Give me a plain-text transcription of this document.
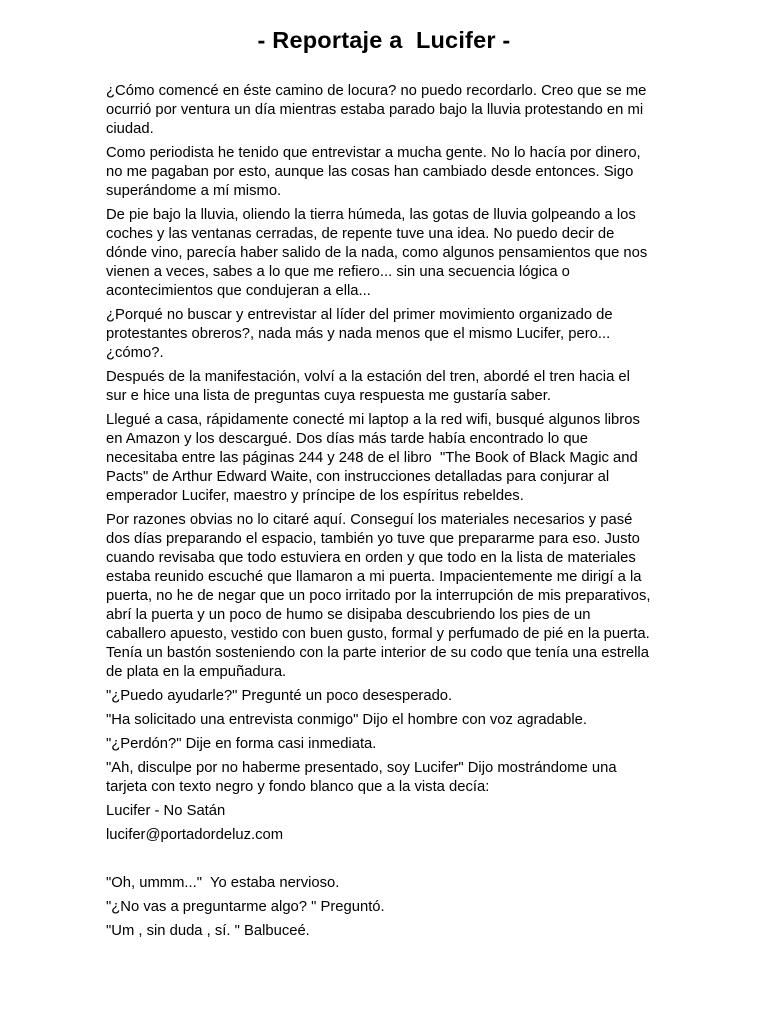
- Reportaje a  Lucifer -

¿Cómo comencé en éste camino de locura? no puedo recordarlo. Creo que se me
ocurrió por ventura un día mientras estaba parado bajo la lluvia protestando en mi
ciudad.

Como periodista he tenido que entrevistar a mucha gente. No lo hacía por dinero,
no me pagaban por esto, aunque las cosas han cambiado desde entonces. Sigo
superándome a mí mismo.

De pie bajo la lluvia, oliendo la tierra húmeda, las gotas de lluvia golpeando a los
coches y las ventanas cerradas, de repente tuve una idea. No puedo decir de
dónde vino, parecía haber salido de la nada, como algunos pensamientos que nos
vienen a veces, sabes a lo que me refiero... sin una secuencia lógica o
acontecimientos que condujeran a ella...

¿Porqué no buscar y entrevistar al líder del primer movimiento organizado de
protestantes obreros?, nada más y nada menos que el mismo Lucifer, pero...
¿cómo?.

Después de la manifestación, volví a la estación del tren, abordé el tren hacia el
sur e hice una lista de preguntas cuya respuesta me gustaría saber.

Llegué a casa, rápidamente conecté mi laptop a la red wifi, busqué algunos libros
en Amazon y los descargué. Dos días más tarde había encontrado lo que
necesitaba entre las páginas 244 y 248 de el libro  "The Book of Black Magic and
Pacts" de Arthur Edward Waite, con instrucciones detalladas para conjurar al
emperador Lucifer, maestro y príncipe de los espíritus rebeldes.

Por razones obvias no lo citaré aquí. Conseguí los materiales necesarios y pasé
dos días preparando el espacio, también yo tuve que prepararme para eso. Justo
cuando revisaba que todo estuviera en orden y que todo en la lista de materiales
estaba reunido escuché que llamaron a mi puerta. Impacientemente me dirigí a la
puerta, no he de negar que un poco irritado por la interrupción de mis preparativos,
abrí la puerta y un poco de humo se disipaba descubriendo los pies de un
caballero apuesto, vestido con buen gusto, formal y perfumado de pié en la puerta.
Tenía un bastón sosteniendo con la parte interior de su codo que tenía una estrella
de plata en la empuñadura.

"¿Puedo ayudarle?" Pregunté un poco desesperado.

"Ha solicitado una entrevista conmigo" Dijo el hombre con voz agradable.

"¿Perdón?" Dije en forma casi inmediata.

"Ah, disculpe por no haberme presentado, soy Lucifer" Dijo mostrándome una
tarjeta con texto negro y fondo blanco que a la vista decía:

Lucifer - No Satán

lucifer@portadordeluz.com

"Oh, ummm..."  Yo estaba nervioso.

"¿No vas a preguntarme algo? " Preguntó.

"Um , sin duda , sí. " Balbuceé.
